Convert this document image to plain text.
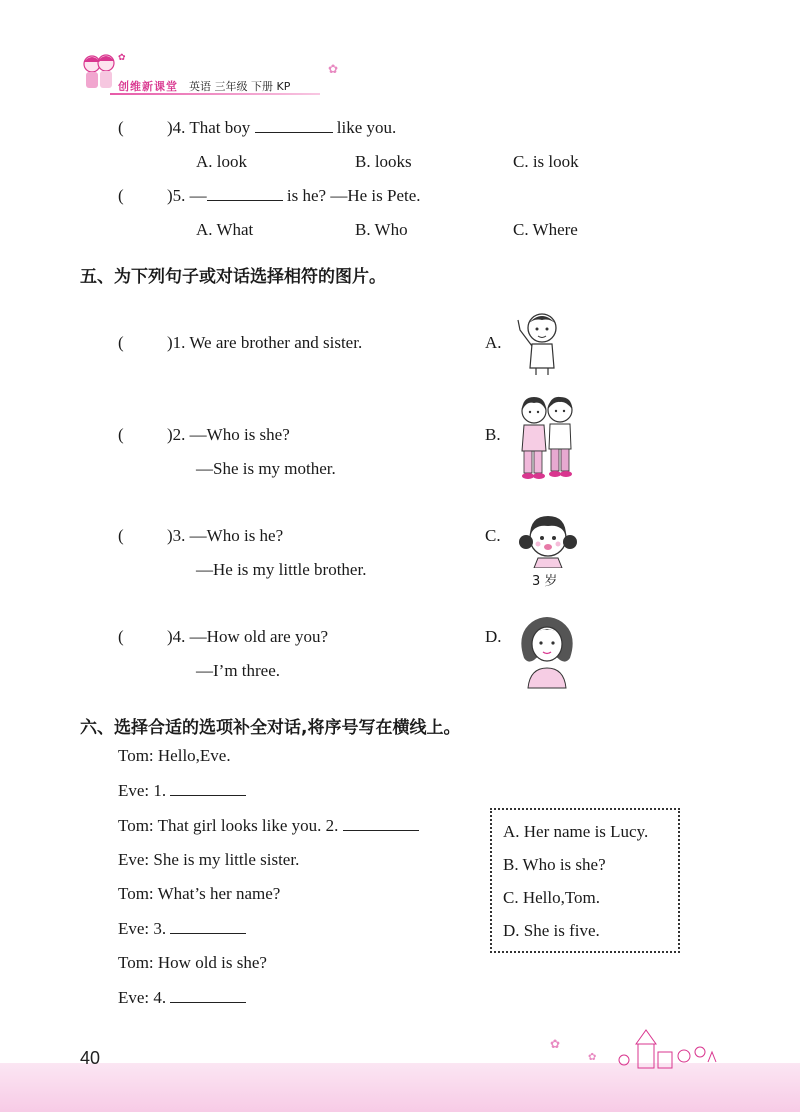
✿
创维新课堂 英语 三年级 下册 KP
✿
(	)4. That boy	like you.
A. look	B. looks	C. is look
(	)5. —	is he? —He is Pete.
A. What	B. Who	C. Where
五、为下列句子或对话选择相符的图片。
(	)1. We are brother and sister.
(	)2. —Who is she?
—She is my mother.
(	)3. —Who is he?
—He is my little brother.
(	)4. —How old are you?
—I’m three.
A.
B.
C.
D.
3 岁
六、选择合适的选项补全对话,将序号写在横线上。
Tom: Hello,Eve.
Eve: 1.
Tom: That girl looks like you. 2.
Eve: She is my little sister.
Tom: What’s her name?
Eve: 3.
Tom: How old is she?
Eve: 4.
A. Her name is Lucy.
B. Who is she?
C. Hello,Tom.
D. She is five.
✿
✿
40
